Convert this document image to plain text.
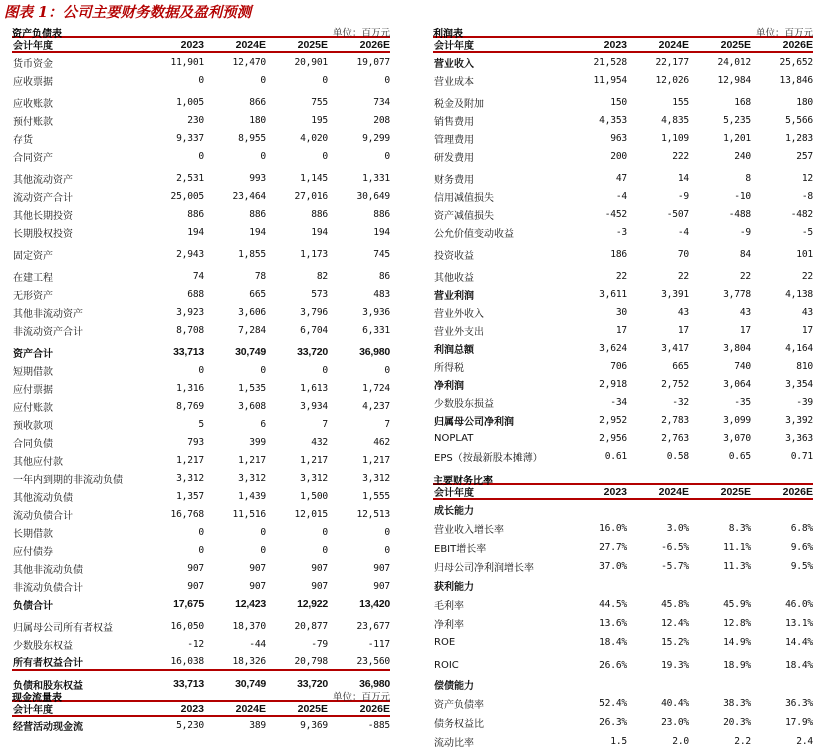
图表 1：公司主要财务数据及盈利预测
资产负债表	单位：百万元
会计年度	2023	2024E	2025E	2026E
货币资金	11,901	12,470	20,901	19,077
应收票据	0	0	0	0
应收账款	1,005	866	755	734
预付账款	230	180	195	208
存货	9,337	8,955	4,020	9,299
合同资产	0	0	0	0
其他流动资产	2,531	993	1,145	1,331
流动资产合计	25,005	23,464	27,016	30,649
其他长期投资	886	886	886	886
长期股权投资	194	194	194	194
固定资产	2,943	1,855	1,173	745
在建工程	74	78	82	86
无形资产	688	665	573	483
其他非流动资产	3,923	3,606	3,796	3,936
非流动资产合计	8,708	7,284	6,704	6,331
资产合计	33,713	30,749	33,720	36,980
短期借款	0	0	0	0
应付票据	1,316	1,535	1,613	1,724
应付账款	8,769	3,608	3,934	4,237
预收款项	5	6	7	7
合同负债	793	399	432	462
其他应付款	1,217	1,217	1,217	1,217
一年内到期的非流动负债	3,312	3,312	3,312	3,312
其他流动负债	1,357	1,439	1,500	1,555
流动负债合计	16,768	11,516	12,015	12,513
长期借款	0	0	0	0
应付债券	0	0	0	0
其他非流动负债	907	907	907	907
非流动负债合计	907	907	907	907
负债合计	17,675	12,423	12,922	13,420
归属母公司所有者权益	16,050	18,370	20,877	23,677
少数股东权益	-12	-44	-79	-117
所有者权益合计	16,038	18,326	20,798	23,560
负债和股东权益	33,713	30,749	33,720	36,980
利润表	单位：百万元
会计年度	2023	2024E	2025E	2026E
营业收入	21,528	22,177	24,012	25,652
营业成本	11,954	12,026	12,984	13,846
税金及附加	150	155	168	180
销售费用	4,353	4,835	5,235	5,566
管理费用	963	1,109	1,201	1,283
研发费用	200	222	240	257
财务费用	47	14	8	12
信用减值损失	-4	-9	-10	-8
资产减值损失	-452	-507	-488	-482
公允价值变动收益	-3	-4	-9	-5
投资收益	186	70	84	101
其他收益	22	22	22	22
营业利润	3,611	3,391	3,778	4,138
营业外收入	30	43	43	43
营业外支出	17	17	17	17
利润总额	3,624	3,417	3,804	4,164
所得税	706	665	740	810
净利润	2,918	2,752	3,064	3,354
少数股东损益	-34	-32	-35	-39
归属母公司净利润	2,952	2,783	3,099	3,392
NOPLAT	2,956	2,763	3,070	3,363
EPS（按最新股本摊薄）	0.61	0.58	0.65	0.71
主要财务比率
会计年度	2023	2024E	2025E	2026E
成长能力
营业收入增长率	16.0%	3.0%	8.3%	6.8%
EBIT增长率	27.7%	-6.5%	11.1%	9.6%
归母公司净利润增长率	37.0%	-5.7%	11.3%	9.5%
获利能力
毛利率	44.5%	45.8%	45.9%	46.0%
净利率	13.6%	12.4%	12.8%	13.1%
ROE	18.4%	15.2%	14.9%	14.4%
ROIC	26.6%	19.3%	18.9%	18.4%
偿债能力
资产负债率	52.4%	40.4%	38.3%	36.3%
债务权益比	26.3%	23.0%	20.3%	17.9%
流动比率	1.5	2.0	2.2	2.4
现金流量表	单位：百万元
会计年度	2023	2024E	2025E	2026E
经营活动现金流	5,230	389	9,369	-885
